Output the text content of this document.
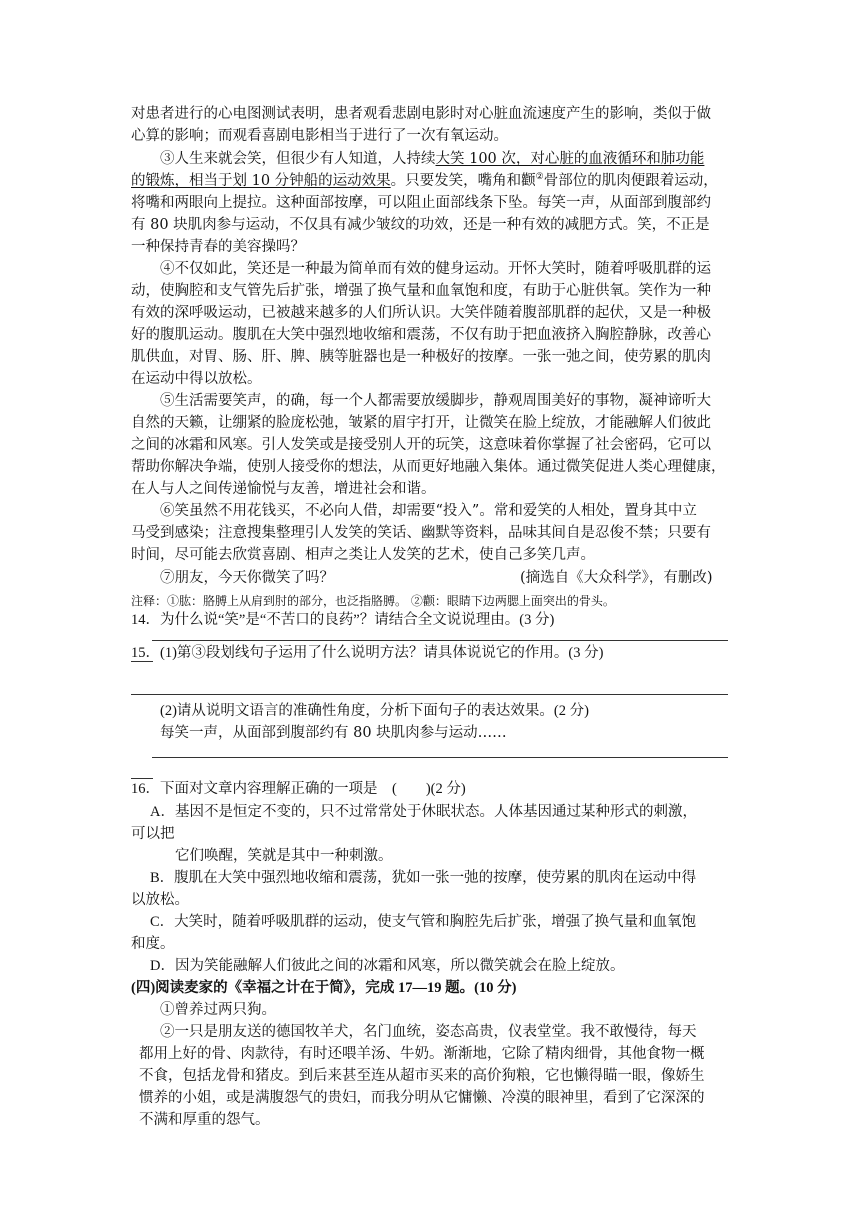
对患者进行的心电图测试表明，患者观看悲剧电影时对心脏血流速度产生的影响，类似于做
心算的影响；而观看喜剧电影相当于进行了一次有氧运动。
③人生来就会笑，但很少有人知道，人持续大笑 100 次，对心脏的血液循环和肺功能
的锻炼，相当于划 10 分钟船的运动效果。只要发笑，嘴角和颧②骨部位的肌肉便跟着运动，
将嘴和两眼向上提拉。这种面部按摩，可以阻止面部线条下坠。每笑一声，从面部到腹部约
有 80 块肌肉参与运动，不仅具有减少皱纹的功效，还是一种有效的减肥方式。笑，不正是
一种保持青春的美容操吗？
④不仅如此，笑还是一种最为简单而有效的健身运动。开怀大笑时，随着呼吸肌群的运
动，使胸腔和支气管先后扩张，增强了换气量和血氧饱和度，有助于心脏供氧。笑作为一种
有效的深呼吸运动，已被越来越多的人们所认识。大笑伴随着腹部肌群的起伏，又是一种极
好的腹肌运动。腹肌在大笑中强烈地收缩和震荡，不仅有助于把血液挤入胸腔静脉，改善心
肌供血，对胃、肠、肝、脾、胰等脏器也是一种极好的按摩。一张一弛之间，使劳累的肌肉
在运动中得以放松。
⑤生活需要笑声，的确，每一个人都需要放缓脚步，静观周围美好的事物，凝神谛听大
自然的天籁，让绷紧的脸庞松弛，皱紧的眉宇打开，让微笑在脸上绽放，才能融解人们彼此
之间的冰霜和风寒。引人发笑或是接受别人开的玩笑，这意味着你掌握了社会密码，它可以
帮助你解决争端，使别人接受你的想法，从而更好地融入集体。通过微笑促进人类心理健康，
在人与人之间传递愉悦与友善，增进社会和谐。
⑥笑虽然不用花钱买，不必向人借，却需要“投入”。常和爱笑的人相处，置身其中立
马受到感染；注意搜集整理引人发笑的笑话、幽默等资料，品味其间自是忍俊不禁；只要有
时间，尽可能去欣赏喜剧、相声之类让人发笑的艺术，使自己多笑几声。
⑦朋友，今天你微笑了吗？	(摘选自《大众科学》，有删改)
注释：①肱：胳膊上从肩到肘的部分，也泛指胳膊。 ②颧：眼睛下边两腮上面突出的骨头。
14．为什么说“笑”是“不苦口的良药”？请结合全文说说理由。(3 分)
15．(1)第③段划线句子运用了什么说明方法？请具体说说它的作用。(3 分)
(2)请从说明文语言的准确性角度，分析下面句子的表达效果。(2 分)
每笑一声，从面部到腹部约有 80 块肌肉参与运动……
16．下面对文章内容理解正确的一项是　(　　)(2 分)
A．基因不是恒定不变的，只不过常常处于休眠状态。人体基因通过某种形式的刺激，
可以把
它们唤醒，笑就是其中一种刺激。
B．腹肌在大笑中强烈地收缩和震荡，犹如一张一弛的按摩，使劳累的肌肉在运动中得
以放松。
C．大笑时，随着呼吸肌群的运动，使支气管和胸腔先后扩张，增强了换气量和血氧饱
和度。
D．因为笑能融解人们彼此之间的冰霜和风寒，所以微笑就会在脸上绽放。
(四)阅读麦家的《幸福之计在于简》，完成 17—19 题。(10 分)
①曾养过两只狗。
②一只是朋友送的德国牧羊犬，名门血统，姿态高贵，仪表堂堂。我不敢慢待，每天
都用上好的骨、肉款待，有时还喂羊汤、牛奶。渐渐地，它除了精肉细骨，其他食物一概
不食，包括龙骨和猪皮。到后来甚至连从超市买来的高价狗粮，它也懒得瞄一眼，像娇生
惯养的小姐，或是满腹怨气的贵妇，而我分明从它慵懒、冷漠的眼神里，看到了它深深的
不满和厚重的怨气。
